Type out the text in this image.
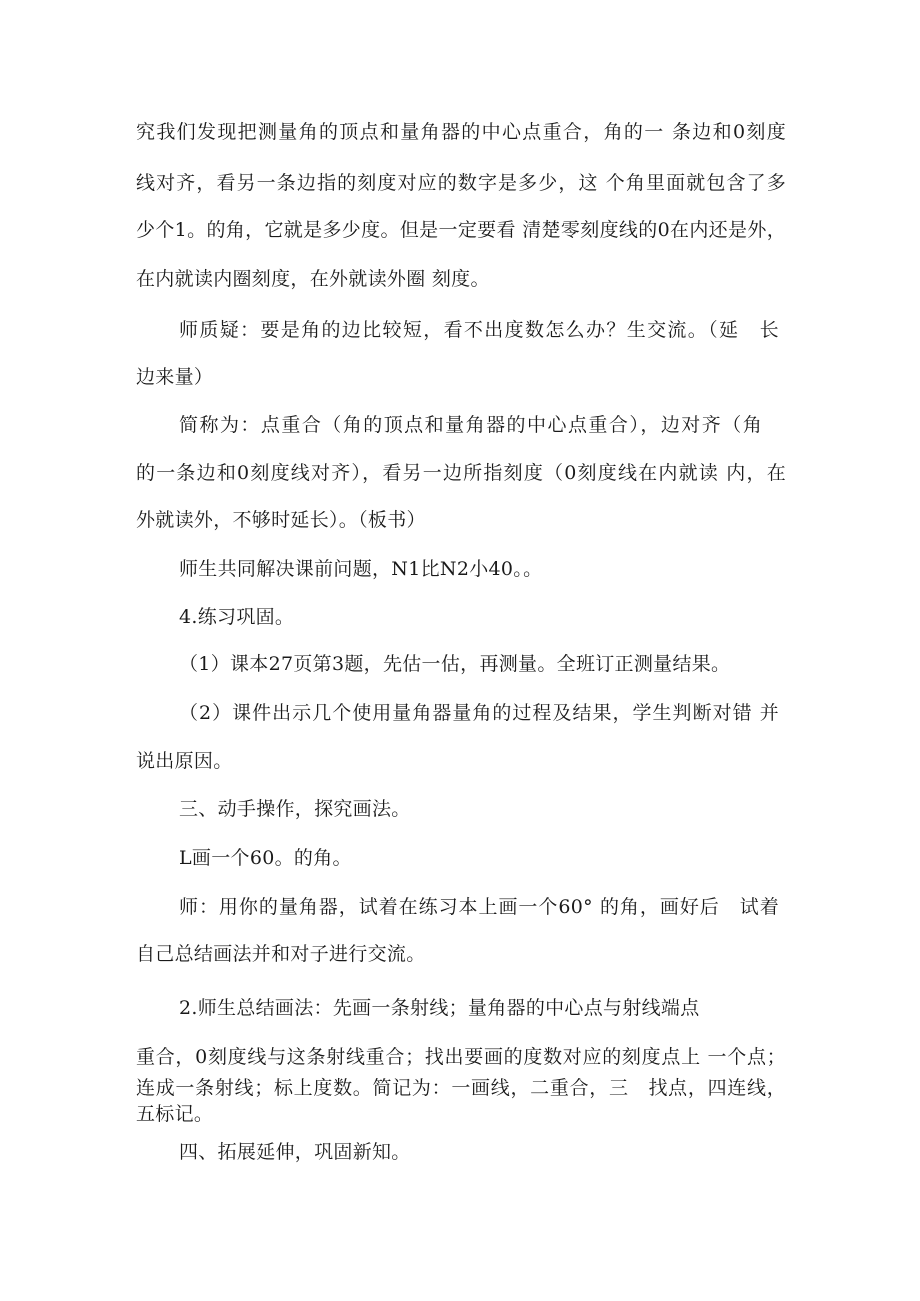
究我们发现把测量角的顶点和量角器的中心点重合，角的一 条边和0刻度
线对齐，看另一条边指的刻度对应的数字是多少，这 个角里面就包含了多
少个1。的角，它就是多少度。但是一定要看 清楚零刻度线的0在内还是外，
在内就读内圈刻度，在外就读外圈 刻度。
师质疑：要是角的边比较短，看不出度数怎么办？生交流。（延　长
边来量）
简称为：点重合（角的顶点和量角器的中心点重合），边对齐（角
的一条边和0刻度线对齐），看另一边所指刻度（0刻度线在内就读 内，在
外就读外，不够时延长）。（板书）
师生共同解决课前问题，N1比N2小40。。
4.练习巩固。
（1）课本27页第3题，先估一估，再测量。全班订正测量结果。
（2）课件出示几个使用量角器量角的过程及结果，学生判断对错 并
说出原因。
三、动手操作，探究画法。
L画一个60。的角。
师：用你的量角器，试着在练习本上画一个60° 的角，画好后　试着
自己总结画法并和对子进行交流。
2.师生总结画法：先画一条射线；量角器的中心点与射线端点
重合，0刻度线与这条射线重合；找出要画的度数对应的刻度点上 一个点；
连成一条射线；标上度数。简记为：一画线，二重合，三　找点，四连线，
五标记。
四、拓展延伸，巩固新知。
